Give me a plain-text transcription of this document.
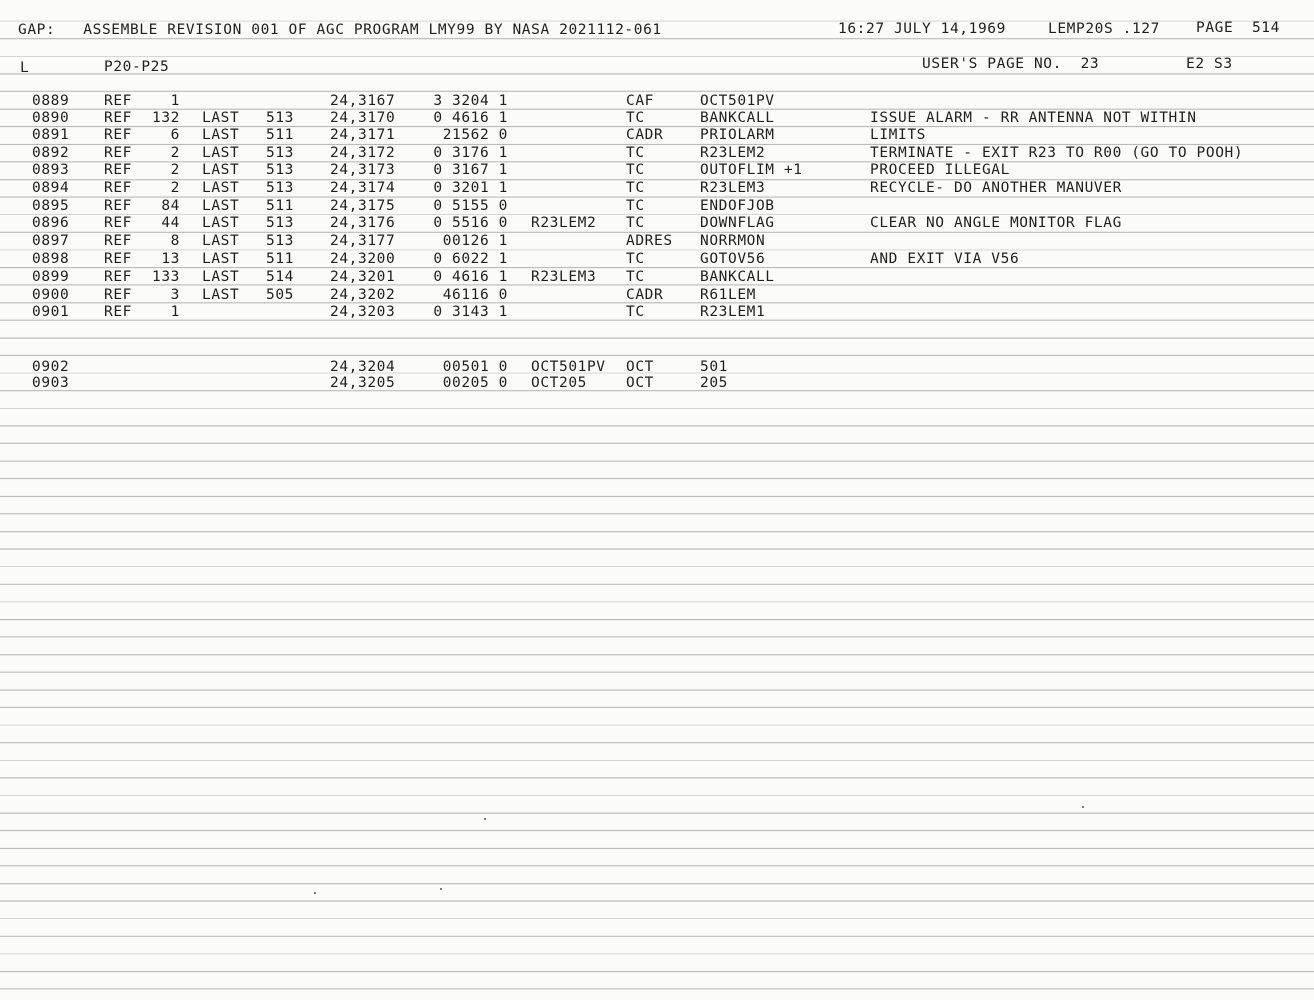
GAP:   ASSEMBLE REVISION 001 OF AGC PROGRAM LMY99 BY NASA 2021112-061	16:27 JULY 14,1969	LEMP20S .127 PAGE  514
L	P20-P25	USER'S PAGE NO.  23	E2 S3
0889 REF	1	24,3167	3 3204 1	CAF	OCT501PV
0890 REF 132 LAST 513 24,3170	0 4616 1	TC	BANKCALL	ISSUE ALARM - RR ANTENNA NOT WITHIN
0891 REF	6 LAST 511 24,3171	21562 0	CADR	PRIOLARM	LIMITS
0892 REF	2 LAST 513 24,3172	0 3176 1	TC	R23LEM2	TERMINATE - EXIT R23 TO R00 (GO TO POOH)
0893 REF	2 LAST 513 24,3173	0 3167 1	TC	OUTOFLIM +1	PROCEED ILLEGAL
0894 REF	2 LAST 513 24,3174	0 3201 1	TC	R23LEM3	RECYCLE- DO ANOTHER MANUVER
0895 REF 84 LAST 511 24,3175	0 5155 0	TC	ENDOFJOB
0896 REF 44 LAST 513 24,3176	0 5516 0 R23LEM2 TC	DOWNFLAG	CLEAR NO ANGLE MONITOR FLAG
0897 REF	8 LAST 513 24,3177	00126 1	ADRES NORRMON
0898 REF 13 LAST 511 24,3200	0 6022 1	TC	GOTOV56	AND EXIT VIA V56
0899 REF 133 LAST 514 24,3201	0 4616 1 R23LEM3 TC	BANKCALL
0900 REF	3 LAST 505 24,3202	46116 0	CADR	R61LEM
0901 REF	1	24,3203	0 3143 1	TC	R23LEM1
0902	24,3204	00501 0 OCT501PV OCT	501
0903	24,3205	00205 0 OCT205	OCT	205
